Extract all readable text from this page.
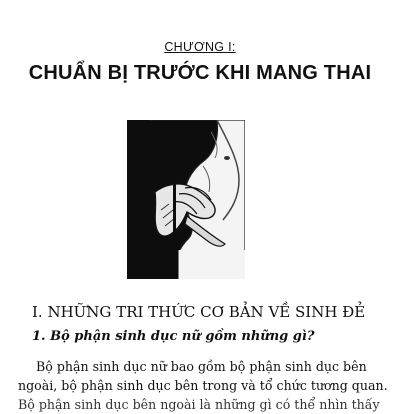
CHƯƠNG I:
CHUẨN BỊ TRƯỚC KHI MANG THAI
I. NHỮNG TRI THỨC CƠ BẢN VỀ SINH ĐẺ
1. Bộ phận sinh dục nữ gồm những gì?
Bộ phận sinh dục nữ bao gồm bộ phận sinh dục bên
ngoài, bộ phận sinh dục bên trong và tổ chức tương quan.
Bộ phận sinh dục bên ngoài là những gì có thể nhìn thấy
